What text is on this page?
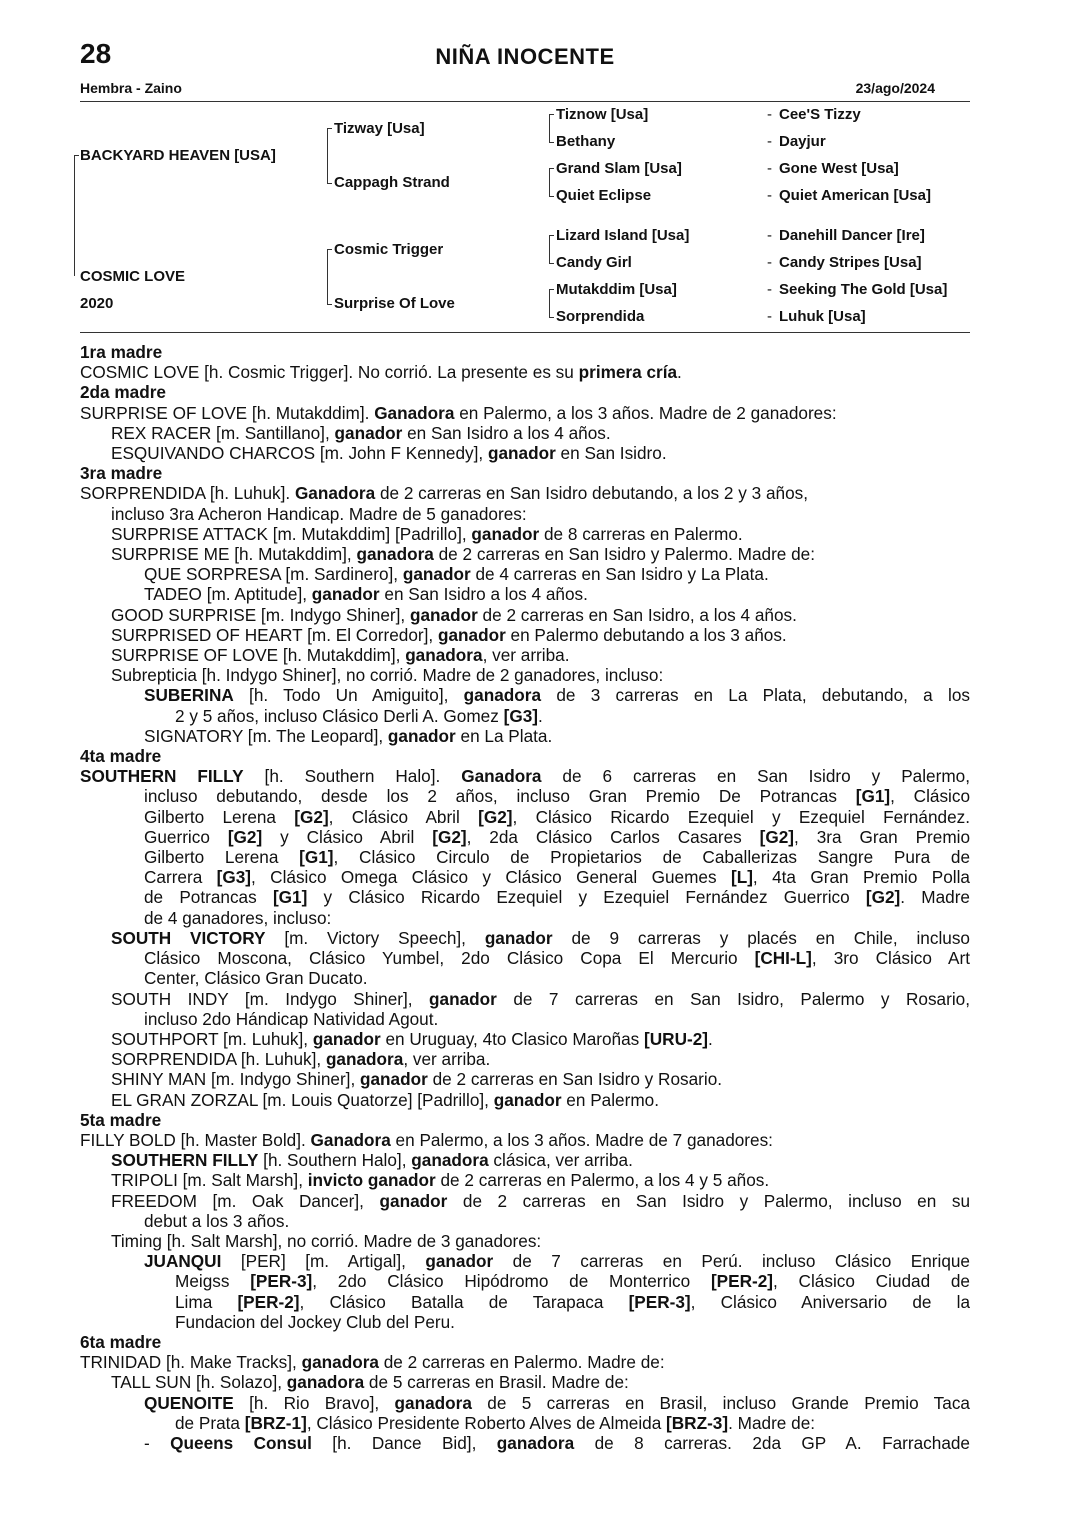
28	NIÑA INOCENTE
Hembra - Zaino	23/ago/2024
BACKYARD HEAVEN [USA]
COSMIC LOVE
2020
Tizway [Usa]
Cappagh Strand
Cosmic Trigger
Surprise Of Love
Tiznow [Usa]
Bethany
Grand Slam [Usa]
Quiet Eclipse
Lizard Island [Usa]
Candy Girl
Mutakddim [Usa]
Sorprendida
-
-
-
-
-
-
-
-
Cee'S Tizzy
Dayjur
Gone West [Usa]
Quiet American [Usa]
Danehill Dancer [Ire]
Candy Stripes [Usa]
Seeking The Gold [Usa]
Luhuk [Usa]
1ra madre
COSMIC LOVE [h. Cosmic Trigger]. No corrió. La presente es su primera cría.
2da madre
SURPRISE OF LOVE [h. Mutakddim]. Ganadora en Palermo, a los 3 años. Madre de 2 ganadores:
REX RACER [m. Santillano], ganador en San Isidro a los 4 años.
ESQUIVANDO CHARCOS [m. John F Kennedy], ganador en San Isidro.
3ra madre
SORPRENDIDA [h. Luhuk]. Ganadora de 2 carreras en San Isidro debutando, a los 2 y 3 años,
incluso 3ra Acheron Handicap. Madre de 5 ganadores:
SURPRISE ATTACK [m. Mutakddim] [Padrillo], ganador de 8 carreras en Palermo.
SURPRISE ME [h. Mutakddim], ganadora de 2 carreras en San Isidro y Palermo. Madre de:
QUE SORPRESA [m. Sardinero], ganador de 4 carreras en San Isidro y La Plata.
TADEO [m. Aptitude], ganador en San Isidro a los 4 años.
GOOD SURPRISE [m. Indygo Shiner], ganador de 2 carreras en San Isidro, a los 4 años.
SURPRISED OF HEART [m. El Corredor], ganador en Palermo debutando a los 3 años.
SURPRISE OF LOVE [h. Mutakddim], ganadora, ver arriba.
Subrepticia [h. Indygo Shiner], no corrió. Madre de 2 ganadores, incluso:
SUBERINA [h. Todo Un Amiguito], ganadora de 3 carreras en La Plata, debutando, a los
2 y 5 años, incluso Clásico Derli A. Gomez [G3].
SIGNATORY [m. The Leopard], ganador en La Plata.
4ta madre
SOUTHERN FILLY [h. Southern Halo]. Ganadora de 6 carreras en San Isidro y Palermo,
incluso debutando, desde los 2 años, incluso Gran Premio De Potrancas [G1], Clásico
Gilberto Lerena [G2], Clásico Abril [G2], Clásico Ricardo Ezequiel y Ezequiel Fernández.
Guerrico [G2] y Clásico Abril [G2], 2da Clásico Carlos Casares [G2], 3ra Gran Premio
Gilberto Lerena [G1], Clásico Circulo de Propietarios de Caballerizas Sangre Pura de
Carrera [G3], Clásico Omega Clásico y Clásico General Guemes [L], 4ta Gran Premio Polla
de Potrancas [G1] y Clásico Ricardo Ezequiel y Ezequiel Fernández Guerrico [G2]. Madre
de 4 ganadores, incluso:
SOUTH VICTORY [m. Victory Speech], ganador de 9 carreras y placés en Chile, incluso
Clásico Moscona, Clásico Yumbel, 2do Clásico Copa El Mercurio [CHI-L], 3ro Clásico Art
Center, Clásico Gran Ducato.
SOUTH INDY [m. Indygo Shiner], ganador de 7 carreras en San Isidro, Palermo y Rosario,
incluso 2do Hándicap Natividad Agout.
SOUTHPORT [m. Luhuk], ganador en Uruguay, 4to Clasico Maroñas [URU-2].
SORPRENDIDA [h. Luhuk], ganadora, ver arriba.
SHINY MAN [m. Indygo Shiner], ganador de 2 carreras en San Isidro y Rosario.
EL GRAN ZORZAL [m. Louis Quatorze] [Padrillo], ganador en Palermo.
5ta madre
FILLY BOLD [h. Master Bold]. Ganadora en Palermo, a los 3 años. Madre de 7 ganadores:
SOUTHERN FILLY [h. Southern Halo], ganadora clásica, ver arriba.
TRIPOLI [m. Salt Marsh], invicto ganador de 2 carreras en Palermo, a los 4 y 5 años.
FREEDOM [m. Oak Dancer], ganador de 2 carreras en San Isidro y Palermo, incluso en su
debut a los 3 años.
Timing [h. Salt Marsh], no corrió. Madre de 3 ganadores:
JUANQUI [PER] [m. Artigal], ganador de 7 carreras en Perú. incluso Clásico Enrique
Meigss [PER-3], 2do Clásico Hipódromo de Monterrico [PER-2], Clásico Ciudad de
Lima [PER-2], Clásico Batalla de Tarapaca [PER-3], Clásico Aniversario de la
Fundacion del Jockey Club del Peru.
6ta madre
TRINIDAD [h. Make Tracks], ganadora de 2 carreras en Palermo. Madre de:
TALL SUN [h. Solazo], ganadora de 5 carreras en Brasil. Madre de:
QUENOITE [h. Rio Bravo], ganadora de 5 carreras en Brasil, incluso Grande Premio Taca
de Prata [BRZ-1], Clásico Presidente Roberto Alves de Almeida [BRZ-3]. Madre de:
- Queens Consul [h. Dance Bid], ganadora de 8 carreras. 2da GP A. Farrachade
